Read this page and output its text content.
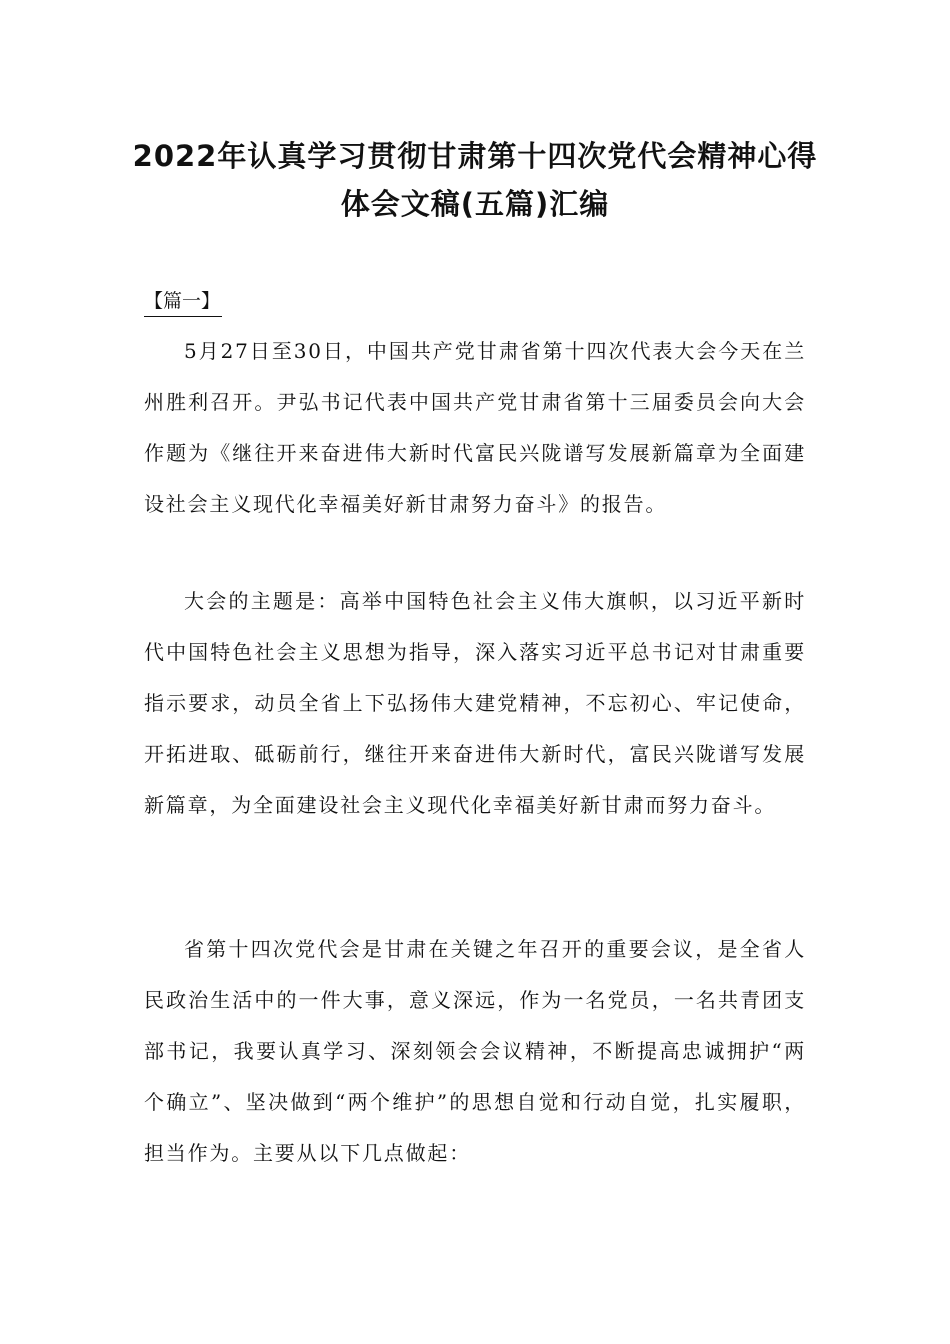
2022年认真学习贯彻甘肃第十四次党代会精神心得
体会文稿(五篇)汇编
【篇一】

5月27日至30日，中国共产党甘肃省第十四次代表大会今天在兰州胜利召开。尹弘书记代表中国共产党甘肃省第十三届委员会向大会作题为《继往开来奋进伟大新时代富民兴陇谱写发展新篇章为全面建设社会主义现代化幸福美好新甘肃努力奋斗》的报告。

大会的主题是：高举中国特色社会主义伟大旗帜，以习近平新时代中国特色社会主义思想为指导，深入落实习近平总书记对甘肃重要指示要求，动员全省上下弘扬伟大建党精神，不忘初心、牢记使命，开拓进取、砥砺前行，继往开来奋进伟大新时代，富民兴陇谱写发展新篇章，为全面建设社会主义现代化幸福美好新甘肃而努力奋斗。

省第十四次党代会是甘肃在关键之年召开的重要会议，是全省人民政治生活中的一件大事，意义深远，作为一名党员，一名共青团支部书记，我要认真学习、深刻领会会议精神，不断提高忠诚拥护“两个确立”、坚决做到“两个维护”的思想自觉和行动自觉，扎实履职，担当作为。主要从以下几点做起：
